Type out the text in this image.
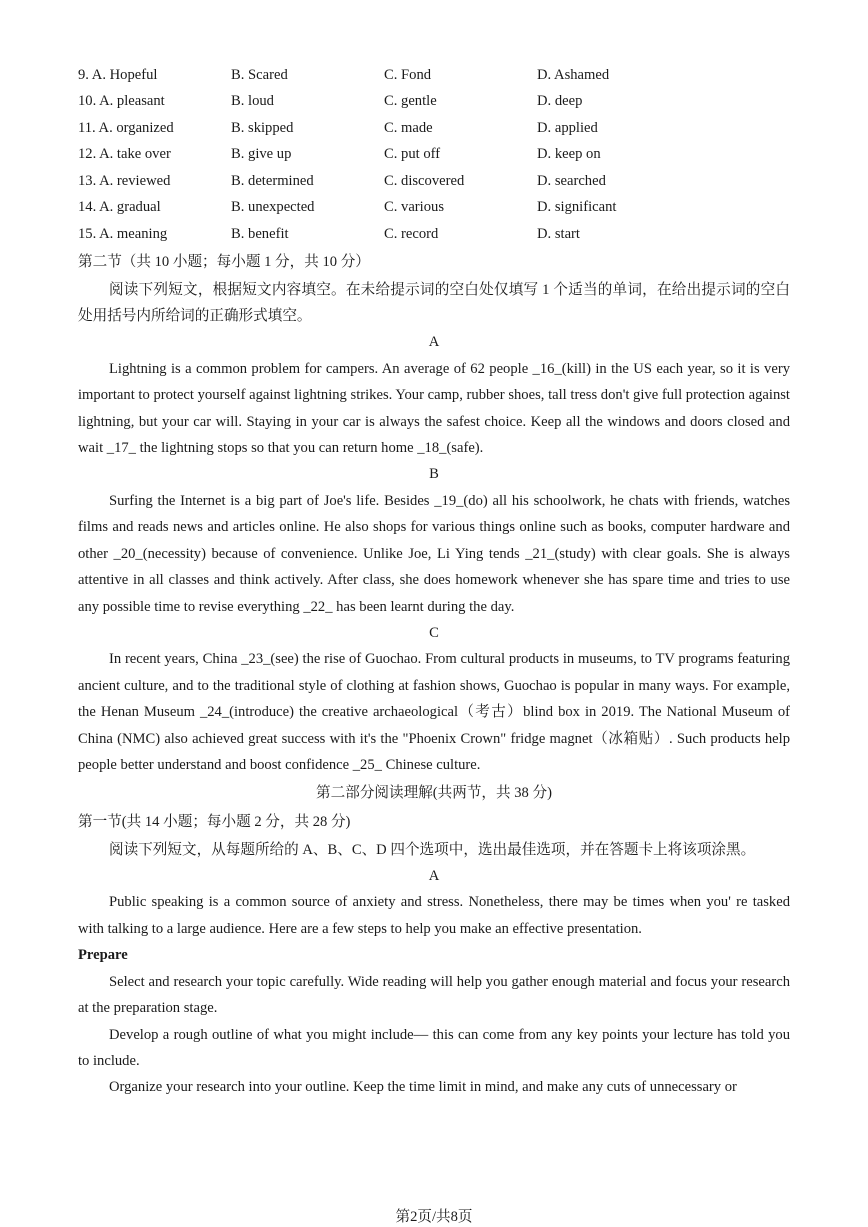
9. A. Hopeful	B. Scared	C. Fond	D. Ashamed
10. A. pleasant	B. loud	C. gentle	D. deep
11. A. organized	B. skipped	C. made	D. applied
12. A. take over	B. give up	C. put off	D. keep on
13. A. reviewed	B. determined	C. discovered	D. searched
14. A. gradual	B. unexpected	C. various	D. significant
15. A. meaning	B. benefit	C. record	D. start

第二节（共 10 小题；每小题 1 分，共 10 分）

阅读下列短文，根据短文内容填空。在未给提示词的空白处仅填写 1 个适当的单词，在给出提示词的空白处用括号内所给词的正确形式填空。

A

Lightning is a common problem for campers. An average of 62 people _16_(kill) in the US each year, so it is very important to protect yourself against lightning strikes. Your camp, rubber shoes, tall tress don't give full protection against lightning, but your car will. Staying in your car is always the safest choice. Keep all the windows and doors closed and wait _17_ the lightning stops so that you can return home _18_(safe).

B

Surfing the Internet is a big part of Joe's life. Besides _19_(do) all his schoolwork, he chats with friends, watches films and reads news and articles online. He also shops for various things online such as books, computer hardware and other _20_(necessity) because of convenience. Unlike Joe, Li Ying tends _21_(study) with clear goals. She is always attentive in all classes and think actively. After class, she does homework whenever she has spare time and tries to use any possible time to revise everything _22_ has been learnt during the day.

C

In recent years, China _23_(see) the rise of Guochao. From cultural products in museums, to TV programs featuring ancient culture, and to the traditional style of clothing at fashion shows, Guochao is popular in many ways. For example, the Henan Museum _24_(introduce) the creative archaeological（考古）blind box in 2019. The National Museum of China (NMC) also achieved great success with it's the "Phoenix Crown" fridge magnet（冰箱贴）. Such products help people better understand and boost confidence _25_ Chinese culture.

第二部分阅读理解(共两节，共 38 分)

第一节(共 14 小题；每小题 2 分，共 28 分)

阅读下列短文，从每题所给的 A、B、C、D 四个选项中，选出最佳选项，并在答题卡上将该项涂黑。

A

Public speaking is a common source of anxiety and stress. Nonetheless, there may be times when you' re tasked with talking to a large audience. Here are a few steps to help you make an effective presentation.

Prepare

Select and research your topic carefully. Wide reading will help you gather enough material and focus your research at the preparation stage.

Develop a rough outline of what you might include— this can come from any key points your lecture has told you to include.

Organize your research into your outline. Keep the time limit in mind, and make any cuts of unnecessary or

第2页/共8页
